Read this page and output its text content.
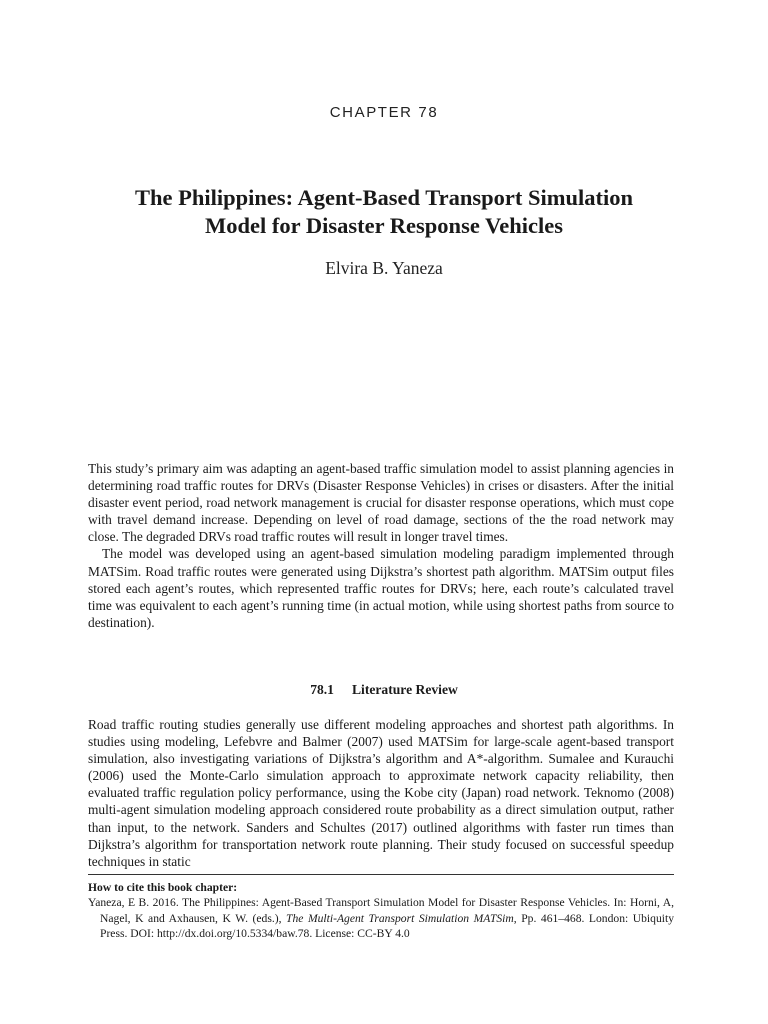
CHAPTER 78
The Philippines: Agent-Based Transport Simulation
Model for Disaster Response Vehicles
Elvira B. Yaneza

This study’s primary aim was adapting an agent-based traffic simulation model to assist planning agencies in determining road traffic routes for DRVs (Disaster Response Vehicles) in crises or disasters. After the initial disaster event period, road network management is crucial for disaster response operations, which must cope with travel demand increase. Depending on level of road damage, sections of the the road network may close. The degraded DRVs road traffic routes will result in longer travel times.

The model was developed using an agent-based simulation modeling paradigm implemented through MATSim. Road traffic routes were generated using Dijkstra’s shortest path algorithm. MATSim output files stored each agent’s routes, which represented traffic routes for DRVs; here, each route’s calculated travel time was equivalent to each agent’s running time (in actual motion, while using shortest paths from source to destination).

78.1 Literature Review

Road traffic routing studies generally use different modeling approaches and shortest path algorithms. In studies using modeling, Lefebvre and Balmer (2007) used MATSim for large-scale agent-based transport simulation, also investigating variations of Dijkstra’s algorithm and A*-algorithm. Sumalee and Kurauchi (2006) used the Monte-Carlo simulation approach to approximate network capacity reliability, then evaluated traffic regulation policy performance, using the Kobe city (Japan) road network. Teknomo (2008) multi-agent simulation modeling approach considered route probability as a direct simulation output, rather than input, to the network. Sanders and Schultes (2017) outlined algorithms with faster run times than Dijkstra’s algorithm for transportation network route planning. Their study focused on successful speedup techniques in static

How to cite this book chapter:

Yaneza, E B. 2016. The Philippines: Agent-Based Transport Simulation Model for Disaster Response Vehicles. In: Horni, A, Nagel, K and Axhausen, K W. (eds.), The Multi-Agent Transport Simulation MATSim, Pp. 461–468. London: Ubiquity Press. DOI: http://dx.doi.org/10.5334/baw.78. License: CC-BY 4.0
